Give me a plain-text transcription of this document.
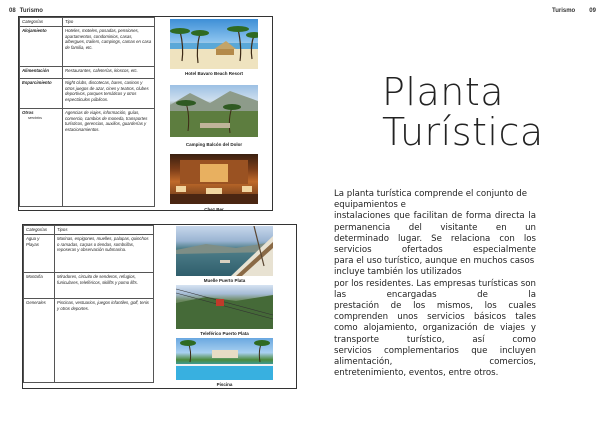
08 Turismo	Turismo 09
Categorías	Tipo
Alojamiento	Hoteles, moteles, posadas, pensiones, apartamentos, condominios, casas, albergues, trailers, campings, camas en casa de familia, etc.
Alimentación	Restaurantes, cafeterías, kioscos, etc.
Esparcimiento	Night clubs, discotecas, bares, casinos y otros juegos de azar, cines y teatros, clubes deportivos, parques temáticos y otros espectáculos públicos.
Otros
servicios	Agencias de viajes, información, guías, comercio, cambios de moneda, transportes turísticos, gerencias, auxilios, guarderías y estacionamientos.
Categorías	Tipos
Agua y Playas	Marinas, espigones, muelles, palapas, quinchos o ramadas, carpas o tiendas, sombrillas, reposeras y observación submarina.
Montaña	Miradores, circuito de senderos, refugios, funiculares, teleféricos, skilifts y pomo lifts.
Generales	Piscinas, vestuarios, juegos infantiles, golf, tenis y otros deportes.
Hotel Bavaro Beach Resort
Camping Balcón del Dolor
Chez Ber
Muelle Puerto Plata
Teleférico Puerto Plata
Piscina
Planta
Turística

La planta turística comprende el conjunto de equipamientos e

instalaciones que facilitan de forma directa la permanencia del visitante en un

determinado lugar. Se relaciona con los servicios ofertados especialmente

para el uso turístico, aunque en muchos casos incluye también los utilizados

por los residentes. Las empresas turísticas son las encargadas de la

prestación de los mismos, los cuales comprenden unos servicios básicos tales

como alojamiento, organización de viajes y transporte turístico, así como

servicios complementarios que incluyen alimentación, comercios,

entretenimiento, eventos, entre otros.
